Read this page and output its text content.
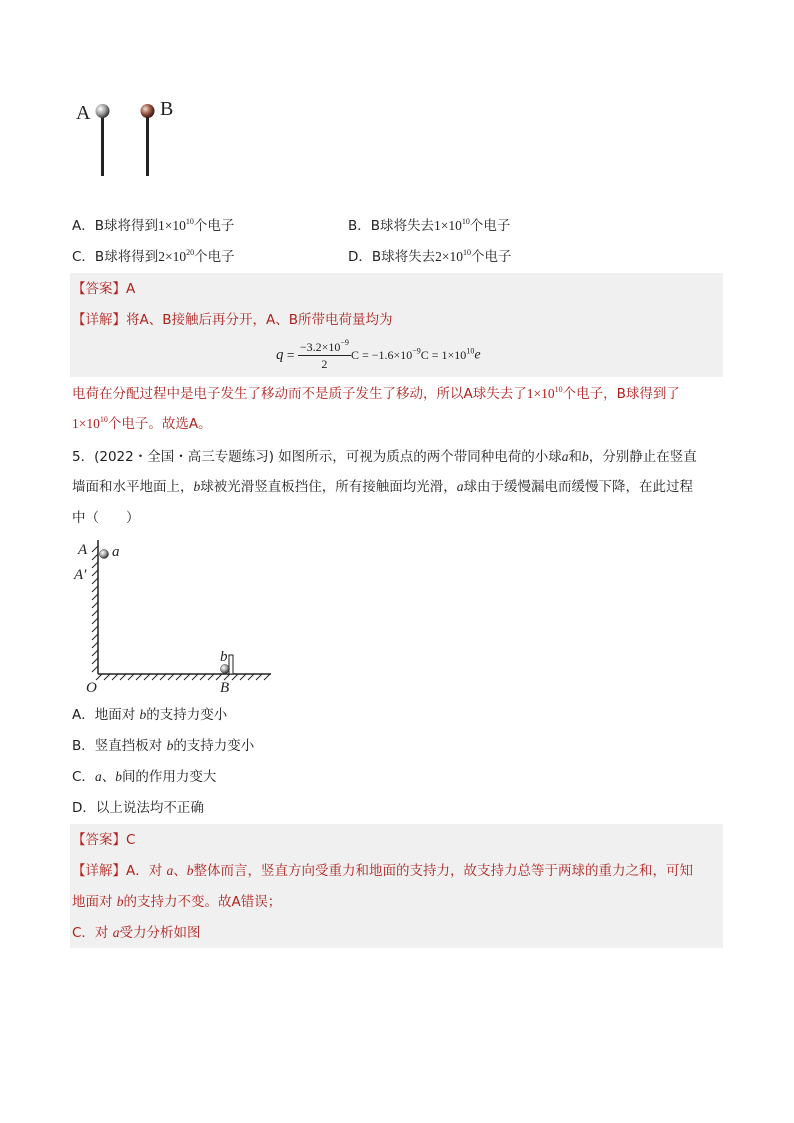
A	B
A．B球将得到$1\times 10^{10}$个电子	B．B球将失去$1\times 10^{10}$个电子
C．B球将得到$2\times 10^{20}$个电子	D．B球将失去$2\times 10^{10}$个电子
【答案】A
【详解】将A、B接触后再分开，A、B所带电荷量均为
$q = \frac{-3.2\times 10^{-9}}{2}$ $C = -1.6\times 10^{-9}C = 1\times 10^{10}e$
电荷在分配过程中是电子发生了移动而不是质子发生了移动，所以A球失去了$1\times 10^{10}$个电子，B球得到了
$1\times 10^{10}$个电子。故选A。
5．(2022・全国・高三专题练习) 如图所示，可视为质点的两个带同种电荷的小球a和b，分别静止在竖直
墙面和水平地面上，b球被光滑竖直板挡住，所有接触面均光滑，a球由于缓慢漏电而缓慢下降，在此过程
中（　　）
A a
A′
b
O	B
A．地面对 b的支持力变小
B．竖直挡板对 b的支持力变小
C．a、b间的作用力变大
D．以上说法均不正确
【答案】C
【详解】A．对 a、b整体而言，竖直方向受重力和地面的支持力，故支持力总等于两球的重力之和，可知
地面对 b的支持力不变。故A错误；
C．对 a受力分析如图
